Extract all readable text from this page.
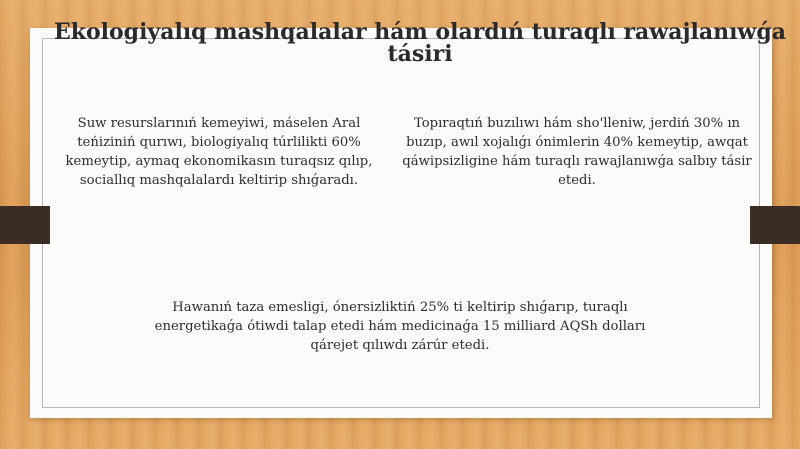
Ekologiyalıq mashqalalar hám olardıń turaqlı rawajlanıwǵa tásiri

Suw resurslarınıń kemeyiwi, máselen Aral teńiziniń qurıwı, biologiyalıq túrlilikti 60% kemeytip, aymaq ekonomikasın turaqsız qılıp, sociallıq mashqalalardı keltirip shıǵaradı.

Topıraqtıń buzılıwı hám sho'lleniw, jerdiń 30% ın buzıp, awıl xojalıǵı ónimlerin 40% kemeytip, awqat qáwipsizligine hám turaqlı rawajlanıwǵa salbıy tásir etedi.

Hawanıń taza emesligi, ónersizliktiń 25% ti keltirip shıǵarıp, turaqlı energetikaǵa ótiwdi talap etedi hám medicinaǵa 15 milliard AQSh dolları qárejet qılıwdı zárúr etedi.
